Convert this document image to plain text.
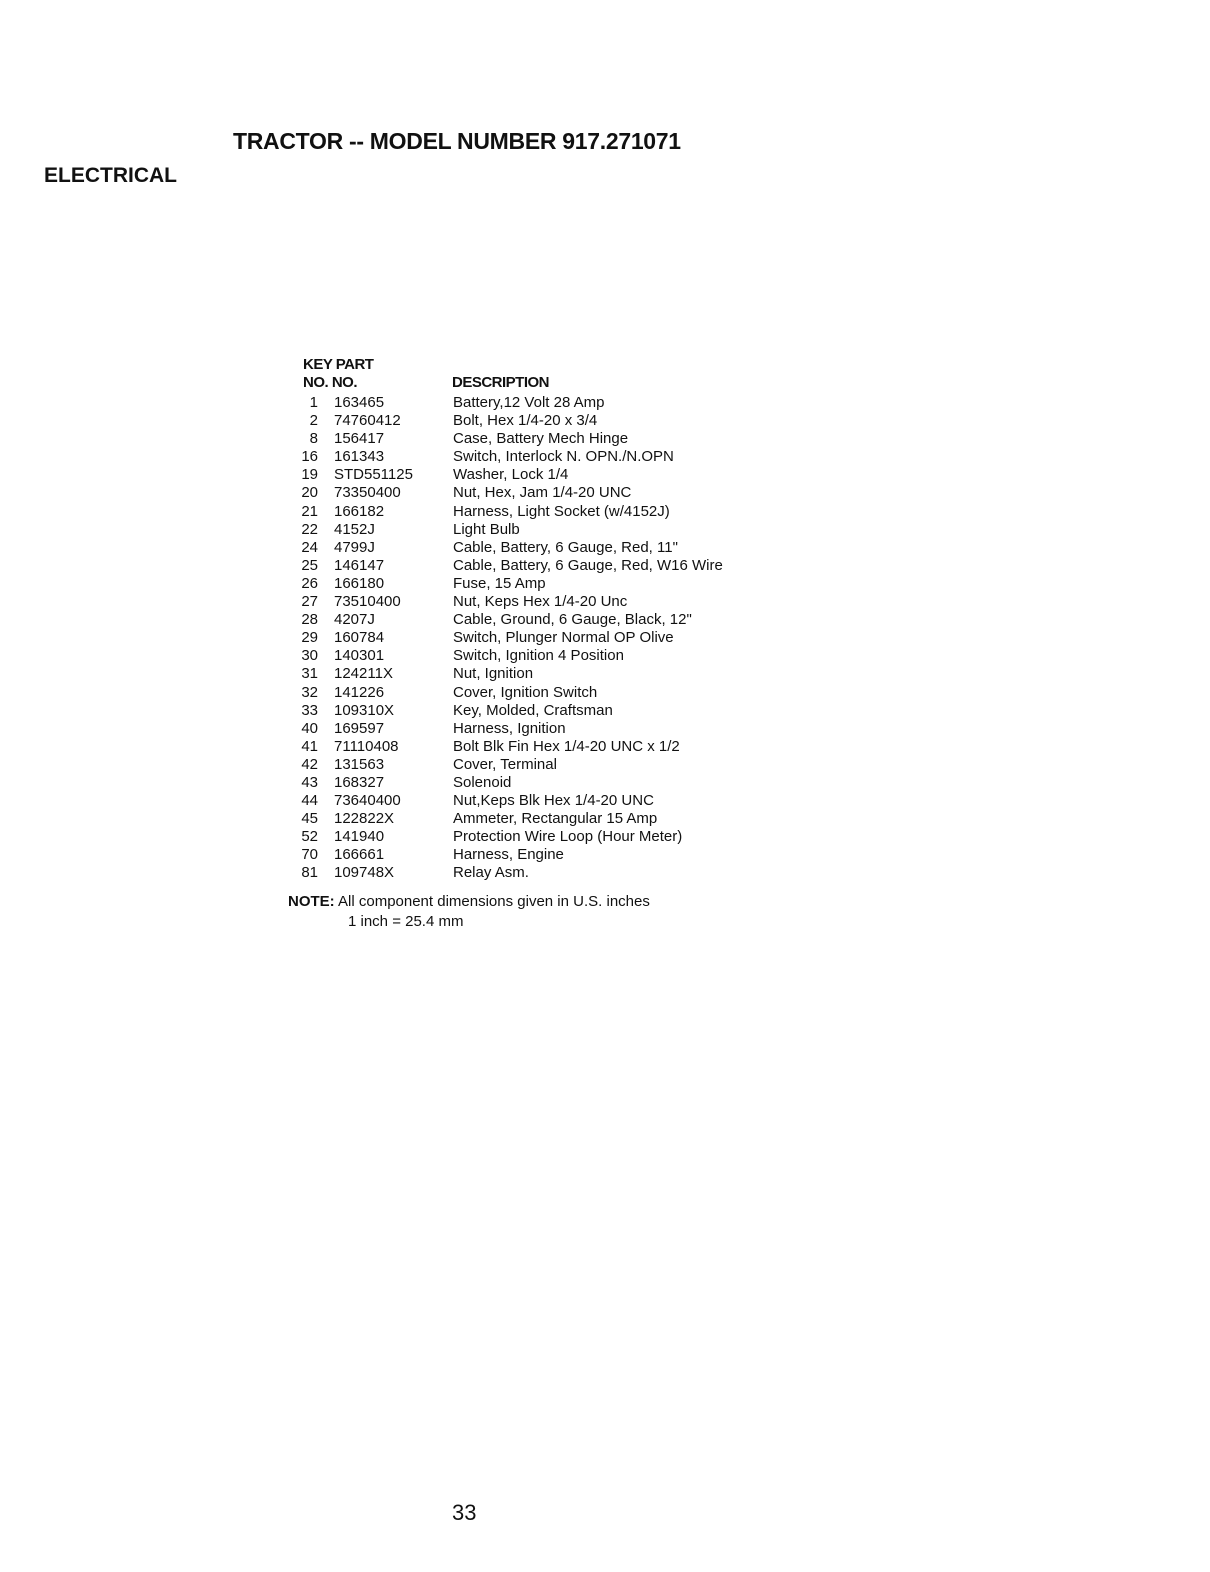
TRACTOR -- MODEL NUMBER 917.271071
ELECTRICAL
KEY PART
NO. NO.	DESCRIPTION
1 163465	Battery,12 Volt 28 Amp
2 74760412	Bolt, Hex 1/4-20 x 3/4
8 156417	Case, Battery Mech Hinge
16 161343	Switch, Interlock N. OPN./N.OPN
19 STD551125	Washer, Lock 1/4
20 73350400	Nut, Hex, Jam 1/4-20 UNC
21 166182	Harness, Light Socket (w/4152J)
22 4152J	Light Bulb
24 4799J	Cable, Battery, 6 Gauge, Red, 11"
25 146147	Cable, Battery, 6 Gauge, Red, W16 Wire
26 166180	Fuse, 15 Amp
27 73510400	Nut, Keps Hex 1/4-20 Unc
28 4207J	Cable, Ground, 6 Gauge, Black, 12"
29 160784	Switch, Plunger Normal OP Olive
30 140301	Switch, Ignition 4 Position
31 124211X	Nut, Ignition
32 141226	Cover, Ignition Switch
33 109310X	Key, Molded, Craftsman
40 169597	Harness, Ignition
41 71110408	Bolt Blk Fin Hex 1/4-20 UNC x 1/2
42 131563	Cover, Terminal
43 168327	Solenoid
44 73640400	Nut,Keps Blk Hex 1/4-20 UNC
45 122822X	Ammeter, Rectangular 15 Amp
52 141940	Protection Wire Loop (Hour Meter)
70 166661	Harness, Engine
81 109748X	Relay Asm.
NOTE: All component dimensions given in U.S. inches
1 inch = 25.4 mm
33
